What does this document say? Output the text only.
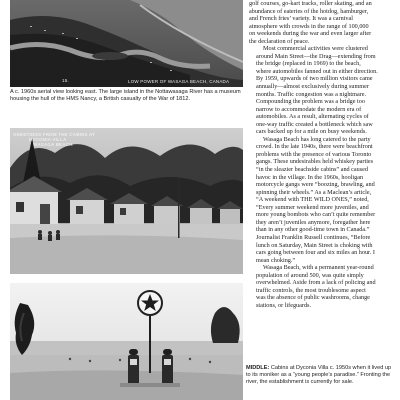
15.	LOW POWER OF WASAGA BEACH, CANADA
A c. 1960s aerial view looking east. The large island in the Nottawasaga River has a museum housing the hull of the HMS Nancy, a British casualty of the War of 1812.
GREETINGS FROM THE CABINS AT
DYCONIA VILLA
WASAGA BEACH
golf courses, go-kart tracks, roller skating, and an
abundance of eateries of the hotdog, hamburger,
and French fries’ variety. It was a carnival
atmosphere with crowds in the range of 100,000
on weekends during the war and even larger after
the declaration of peace.
Most commercial activities were clustered
around Main Street—the Drag—extending from
the bridge (replaced in 1969) to the beach,
where automobiles fanned out in either direction.
By 1959, upwards of two million visitors came
annually—almost exclusively during summer
months. Traffic congestion was a nightmare.
Compounding the problem was a bridge too
narrow to accommodate the modern era of
automobiles. As a result, alternating cycles of
one-way traffic created a bottleneck which saw
cars backed up for a mile on busy weekends.
Wasaga Beach has long catered to the party
crowd. In the late 1940s, there were beachfront
problems with the presence of various Toronto
gangs. These undesirables held whiskey parties
“in the sleazier beachside cabins” and caused
havoc in the village. In the 1960s, hooligan
motorcycle gangs were “boozing, brawling, and
spinning their wheels.” As a Maclean’s article,
“A weekend with THE WILD ONES,” noted,
“Every summer weekend more juveniles, and
more young bombots who can’t quite remember
they aren’t juveniles anymore, foregather here
than in any other good-time town in Canada.”
Journalist Franklin Russell continues, “Before
lunch on Saturday, Main Street is choking with
cars going between four and six miles an hour. I
mean choking.”
Wasaga Beach, with a permanent year-round
population of around 500, was quite simply
overwhelmed. Aside from a lack of policing and
traffic controls, the most troublesome aspect
was the absence of public washrooms, change
stations, or lifeguards.
MIDDLE: Cabins at Dyconia Villa c. 1950s when it lived up to its moniker as a “young people’s paradise.” Fronting the river, the establishment is currently for sale.
